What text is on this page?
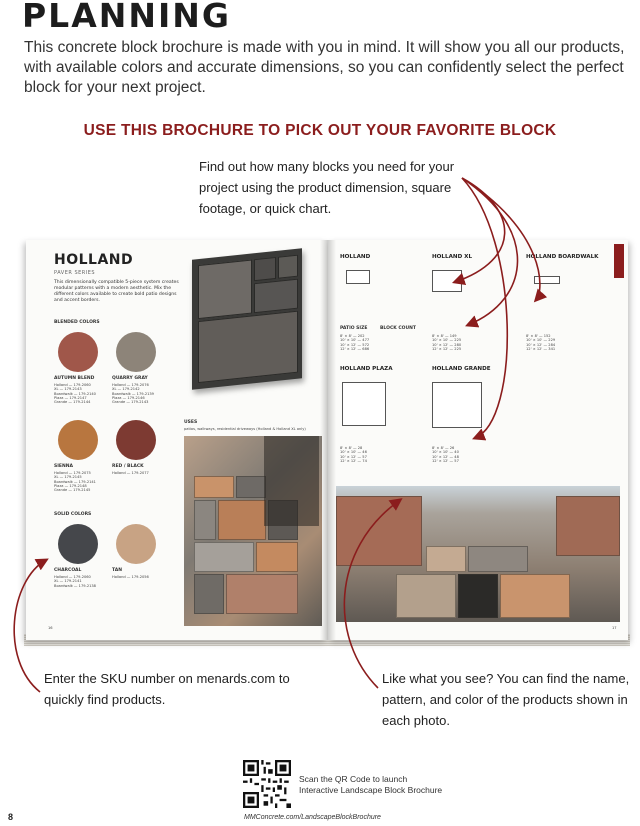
PLANNING
This concrete block brochure is made with you in mind. It will show you all our products, with available colors and accurate dimensions, so you can confidently select the perfect block for your next project.
USE THIS BROCHURE TO PICK OUT YOUR FAVORITE BLOCK
Find out how many blocks you need for your project using the product dimension, square footage, or quick chart.
HOLLAND
PAVER SERIES
This dimensionally compatible 5-piece system creates modular patterns with a modern aesthetic. Mix the different colors available to create bold patio designs and accent borders.
BLENDED COLORS
AUTUMN BLEND
Holland — 179-2060
XL — 179-2143
Boardwalk — 179-2140
Plaza — 179-2147
Grande — 179-2144
QUARRY GRAY
Holland — 179-2076
XL — 179-2142
Boardwalk — 179-2139
Plaza — 179-2146
Grande — 179-2143
SIENNA
Holland — 179-2075
XL — 179-2145
Boardwalk — 179-2141
Plaza — 179-2148
Grande — 179-2145
RED / BLACK
Holland — 179-2077
SOLID COLORS
CHARCOAL
Holland — 179-2060
XL — 179-2141
Boardwalk — 179-2138
TAN
Holland — 179-2056
USES
patios, walkways, residential driveways (Holland & Holland XL only)
16
HOLLAND	HOLLAND XL	HOLLAND BOARDWALK
PATIO SIZE	BLOCK COUNT
8' × 8' — 202
10' × 10' — 477
10' × 12' — 572
12' × 12' — 686
8' × 8' — 149
10' × 10' — 225
10' × 12' — 280
12' × 12' — 225
8' × 8' — 152
10' × 10' — 229
10' × 12' — 284
12' × 12' — 341
HOLLAND PLAZA	HOLLAND GRANDE
8' × 8' — 28
10' × 10' — 46
10' × 12' — 57
12' × 12' — 74
8' × 8' — 26
10' × 10' — 40
10' × 12' — 48
12' × 12' — 57
17
Enter the SKU number on menards.com to quickly find products.
Like what you see? You can find the name, pattern, and color of the products shown in each photo.
Scan the QR Code to launch
Interactive Landscape Block Brochure
8	MMConcrete.com/LandscapeBlockBrochure
